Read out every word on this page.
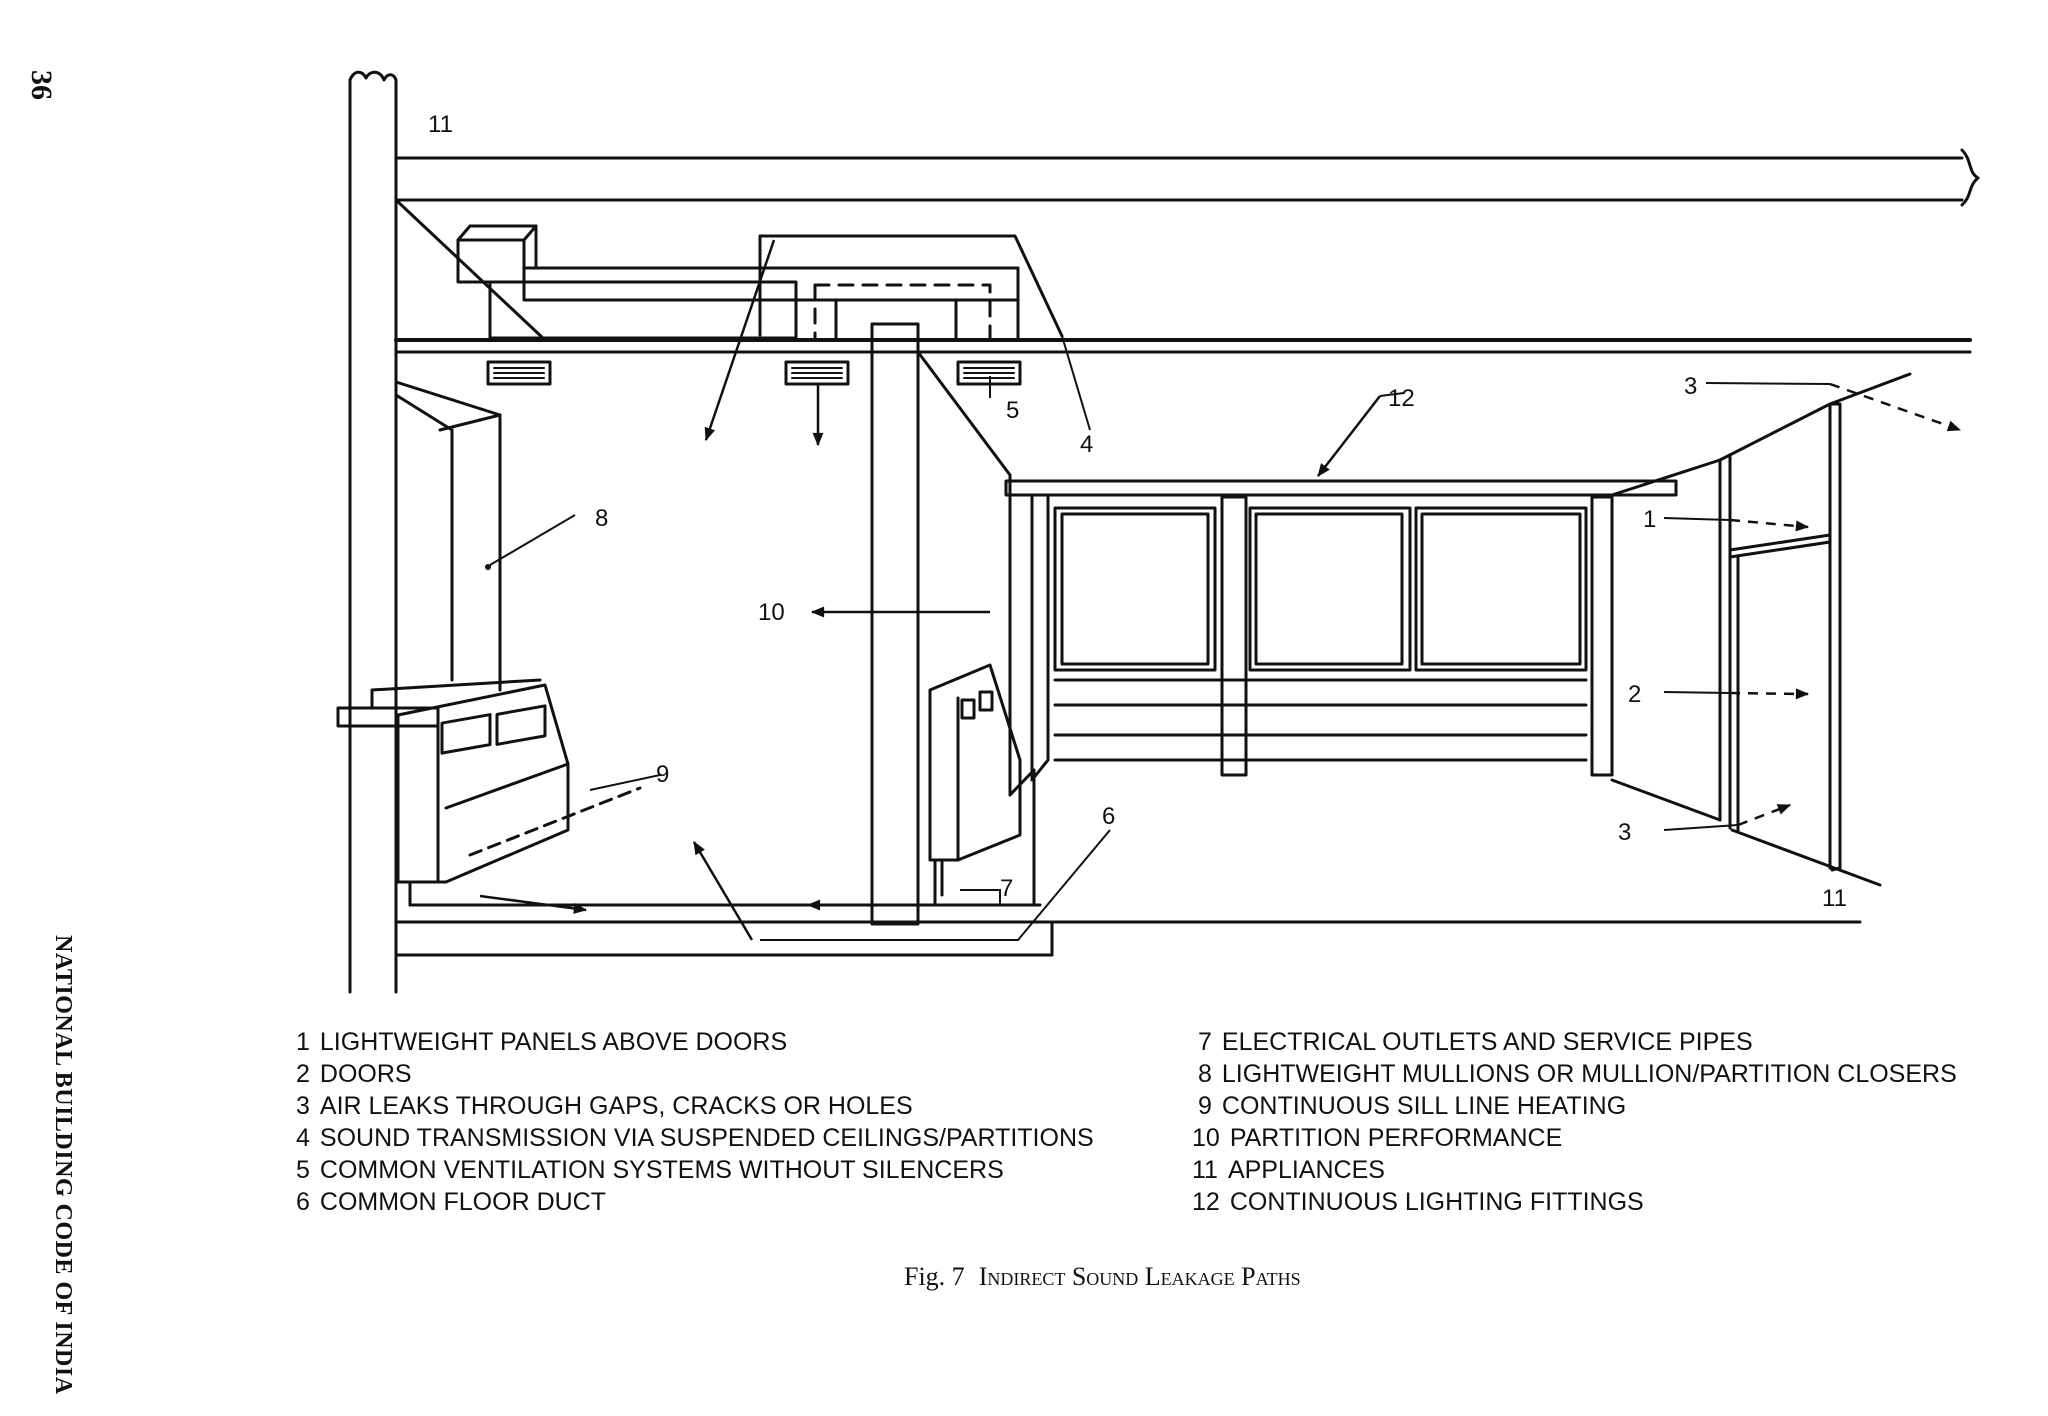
36
NATIONAL BUILDING CODE OF INDIA
11
5
4
12	3
8
10
1
2
9
6
3
7	11
1 LIGHTWEIGHT PANELS ABOVE DOORS
2 DOORS
3 AIR LEAKS THROUGH GAPS, CRACKS OR HOLES
4 SOUND TRANSMISSION VIA SUSPENDED CEILINGS/PARTITIONS
5 COMMON VENTILATION SYSTEMS WITHOUT SILENCERS
6 COMMON FLOOR DUCT
7 ELECTRICAL OUTLETS AND SERVICE PIPES
8 LIGHTWEIGHT MULLIONS OR MULLION/PARTITION CLOSERS
9 CONTINUOUS SILL LINE HEATING
10 PARTITION PERFORMANCE
11 APPLIANCES
12 CONTINUOUS LIGHTING FITTINGS
Fig. 7 Indirect Sound Leakage Paths
